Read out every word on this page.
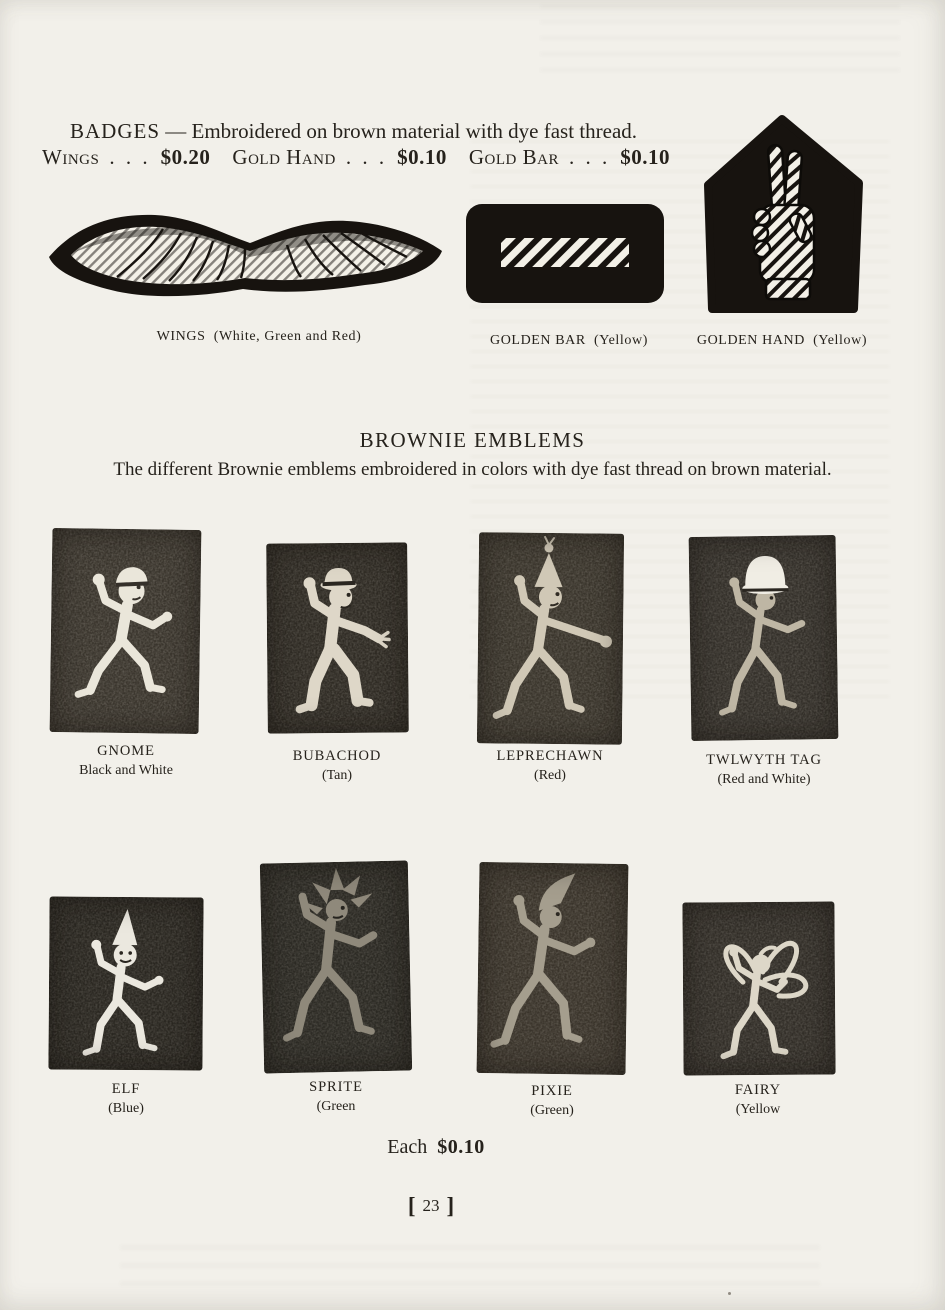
BADGES — Embroidered on brown material with dye fast thread.
Wings . . . $0.20 Gold Hand . . . $0.10 Gold Bar . . . $0.10
WINGS (White, Green and Red)	GOLDEN BAR (Yellow)	GOLDEN HAND (Yellow)
BROWNIE EMBLEMS
The different Brownie emblems embroidered in colors with dye fast thread on brown material.
GNOME
Black and White
BUBACHOD
(Tan)
LEPRECHAWN
(Red)
TWLWYTH TAG
(Red and White)
ELF
(Blue)
SPRITE
(Green
PIXIE
(Green)
FAIRY
(Yellow
Each $0.10
[ 23 ]
